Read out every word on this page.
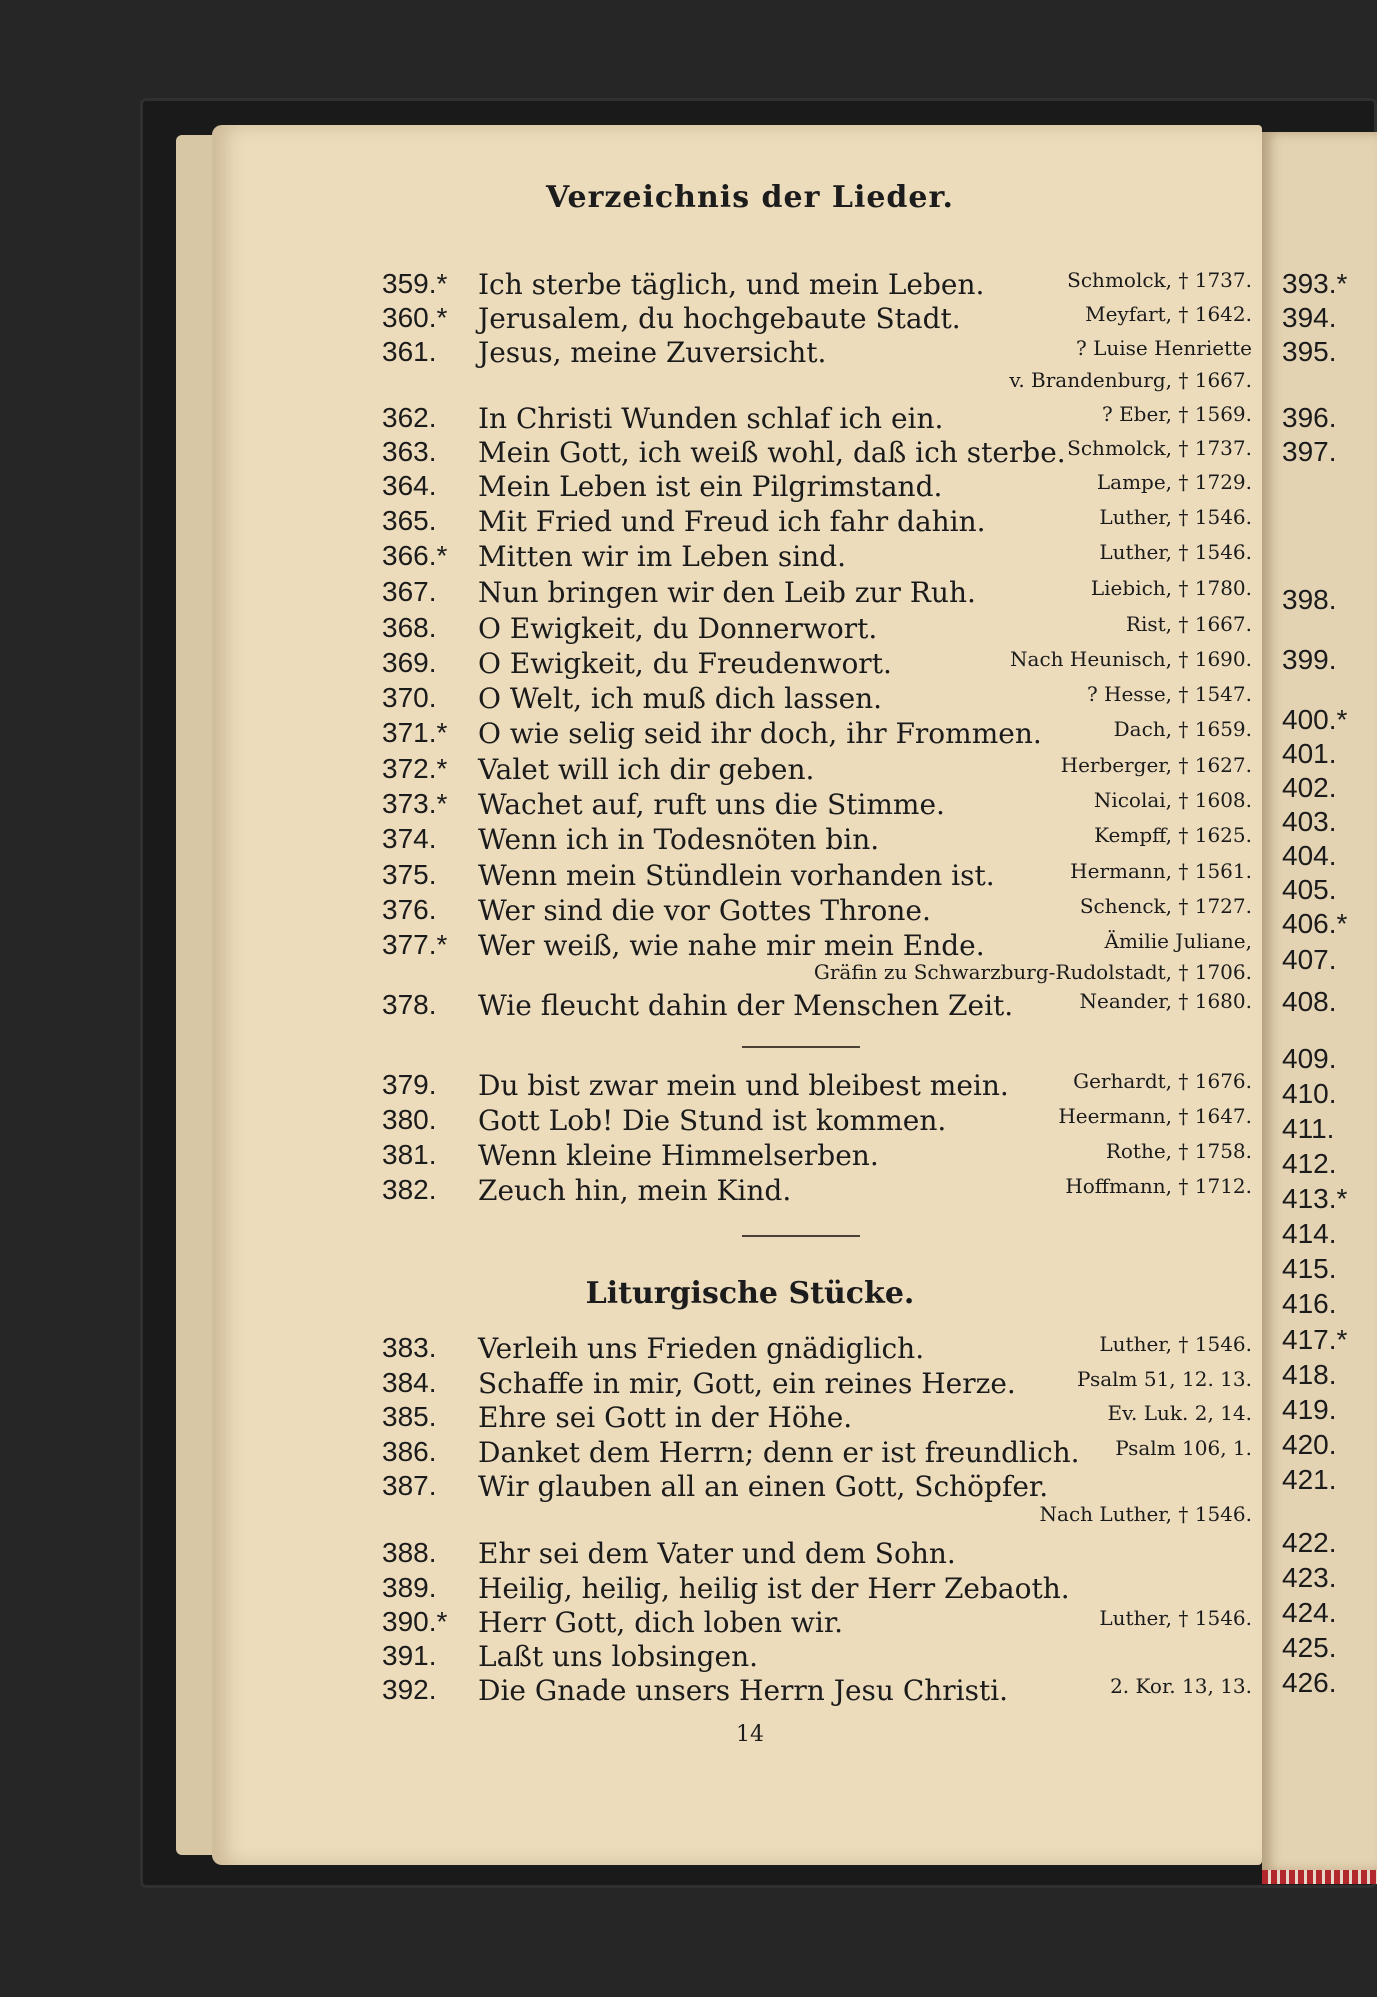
Verzeichnis der Lieder.
359.* Ich sterbe täglich, und mein Leben.	Schmolck, † 1737.
360.* Jerusalem, du hochgebaute Stadt.	Meyfart, † 1642.
361. Jesus, meine Zuversicht.	? Luise Henriette
v. Brandenburg, † 1667.
362. In Christi Wunden schlaf ich ein.	? Eber, † 1569.
363. Mein Gott, ich weiß wohl, daß ich sterbe. Schmolck, † 1737.
364. Mein Leben ist ein Pilgrimstand.	Lampe, † 1729.
365. Mit Fried und Freud ich fahr dahin.	Luther, † 1546.
366.* Mitten wir im Leben sind.	Luther, † 1546.
367. Nun bringen wir den Leib zur Ruh.	Liebich, † 1780.
368. O Ewigkeit, du Donnerwort.	Rist, † 1667.
369. O Ewigkeit, du Freudenwort.	Nach Heunisch, † 1690.
370. O Welt, ich muß dich lassen.	? Hesse, † 1547.
371.* O wie selig seid ihr doch, ihr Frommen.	Dach, † 1659.
372.* Valet will ich dir geben.	Herberger, † 1627.
373.* Wachet auf, ruft uns die Stimme.	Nicolai, † 1608.
374. Wenn ich in Todesnöten bin.	Kempff, † 1625.
375. Wenn mein Stündlein vorhanden ist.	Hermann, † 1561.
376. Wer sind die vor Gottes Throne.	Schenck, † 1727.
377.* Wer weiß, wie nahe mir mein Ende.	Ämilie Juliane,
Gräfin zu Schwarzburg-Rudolstadt, † 1706.
378. Wie fleucht dahin der Menschen Zeit.	Neander, † 1680.
379. Du bist zwar mein und bleibest mein.	Gerhardt, † 1676.
380. Gott Lob! Die Stund ist kommen.	Heermann, † 1647.
381. Wenn kleine Himmelserben.	Rothe, † 1758.
382. Zeuch hin, mein Kind.	Hoffmann, † 1712.
Liturgische Stücke.
383. Verleih uns Frieden gnädiglich.	Luther, † 1546.
384. Schaffe in mir, Gott, ein reines Herze.	Psalm 51, 12. 13.
385. Ehre sei Gott in der Höhe.	Ev. Luk. 2, 14.
386. Danket dem Herrn; denn er ist freundlich. Psalm 106, 1.
387. Wir glauben all an einen Gott, Schöpfer.
Nach Luther, † 1546.
388. Ehr sei dem Vater und dem Sohn.
389. Heilig, heilig, heilig ist der Herr Zebaoth.
390.* Herr Gott, dich loben wir.	Luther, † 1546.
391. Laßt uns lobsingen.
392. Die Gnade unsers Herrn Jesu Christi.	2. Kor. 13, 13.
14
393.*
394.
395.
396.
397.
398.
399.
400.*
401.
402.
403.
404.
405.
406.*
407.
408.
409.
410.
411.
412.
413.*
414.
415.
416.
417.*
418.
419.
420.
421.
422.
423.
424.
425.
426.
